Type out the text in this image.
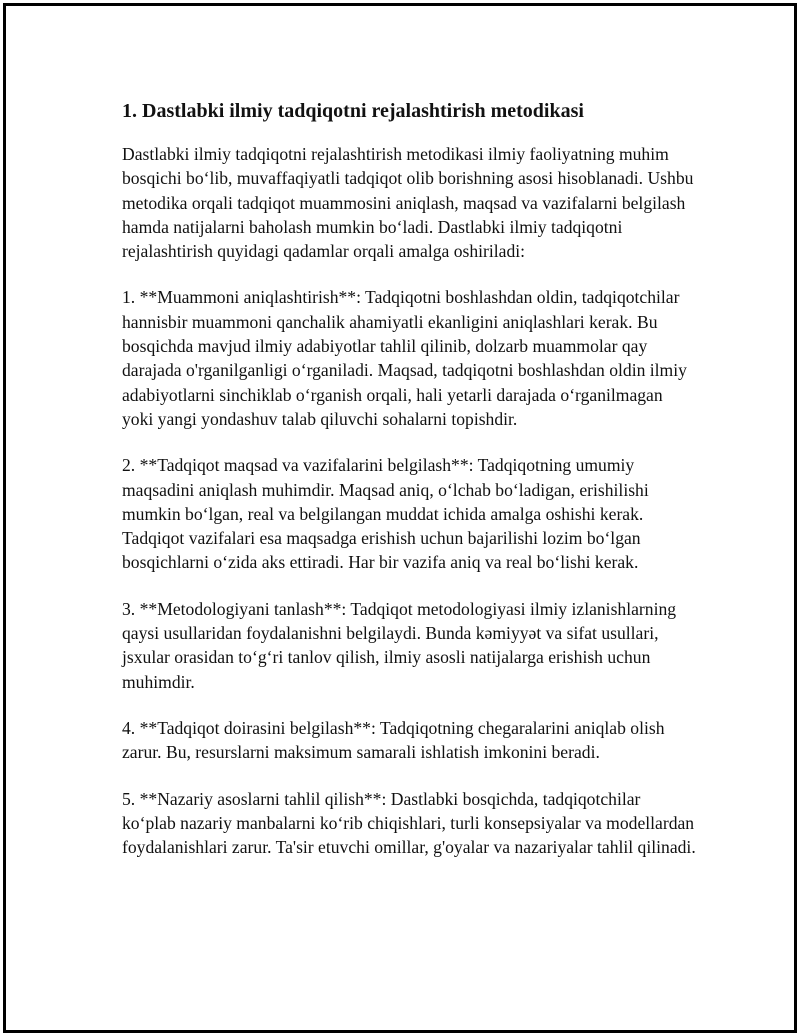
1. Dastlabki ilmiy tadqiqotni rejalashtirish metodikasi

Dastlabki ilmiy tadqiqotni rejalashtirish metodikasi ilmiy faoliyatning muhim bosqichi boʻlib, muvaffaqiyatli tadqiqot olib borishning asosi hisoblanadi. Ushbu metodika orqali tadqiqot muammosini aniqlash, maqsad va vazifalarni belgilash hamda natijalarni baholash mumkin boʻladi. Dastlabki ilmiy tadqiqotni rejalashtirish quyidagi qadamlar orqali amalga oshiriladi:

1. **Muammoni aniqlashtirish**: Tadqiqotni boshlashdan oldin, tadqiqotchilar hannisbir muammoni qanchalik ahamiyatli ekanligini aniqlashlari kerak. Bu bosqichda mavjud ilmiy adabiyotlar tahlil qilinib, dolzarb muammolar qay darajada o'rganilganligi oʻrganiladi. Maqsad, tadqiqotni boshlashdan oldin ilmiy adabiyotlarni sinchiklab oʻrganish orqali, hali yetarli darajada oʻrganilmagan yoki yangi yondashuv talab qiluvchi sohalarni topishdir.

2. **Tadqiqot maqsad va vazifalarini belgilash**: Tadqiqotning umumiy maqsadini aniqlash muhimdir. Maqsad aniq, oʻlchab boʻladigan, erishilishi mumkin boʻlgan, real va belgilangan muddat ichida amalga oshishi kerak. Tadqiqot vazifalari esa maqsadga erishish uchun bajarilishi lozim boʻlgan bosqichlarni oʻzida aks ettiradi. Har bir vazifa aniq va real boʻlishi kerak.

3. **Metodologiyani tanlash**: Tadqiqot metodologiyasi ilmiy izlanishlarning qaysi usullaridan foydalanishni belgilaydi. Bunda kəmiyyət va sifat usullari, jsxular orasidan toʻgʻri tanlov qilish, ilmiy asosli natijalarga erishish uchun muhimdir.

4. **Tadqiqot doirasini belgilash**: Tadqiqotning chegaralarini aniqlab olish zarur. Bu, resurslarni maksimum samarali ishlatish imkonini beradi.

5. **Nazariy asoslarni tahlil qilish**: Dastlabki bosqichda, tadqiqotchilar koʻplab nazariy manbalarni koʻrib chiqishlari, turli konsepsiyalar va modellardan foydalanishlari zarur. Ta'sir etuvchi omillar, g'oyalar va nazariyalar tahlil qilinadi.
